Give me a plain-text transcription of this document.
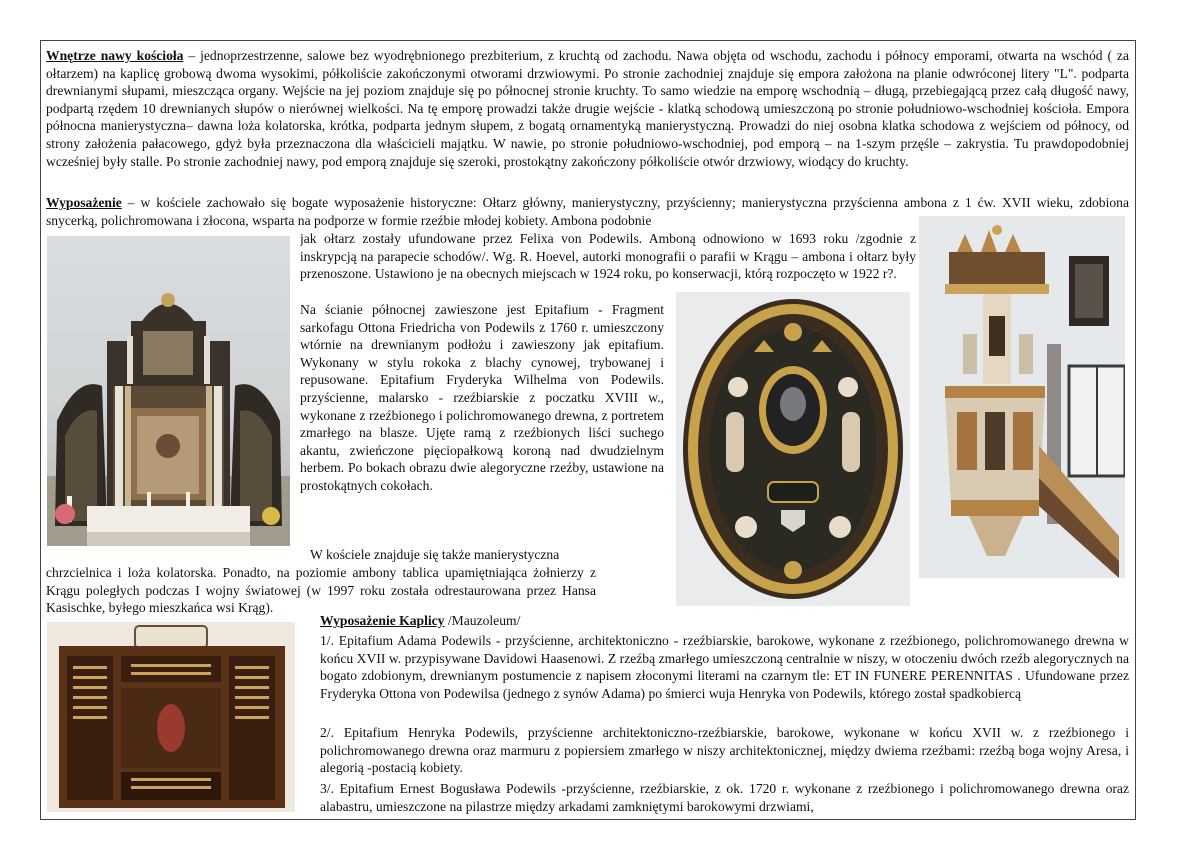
Wnętrze nawy kościoła – jednoprzestrzenne, salowe bez wyodrębnionego prezbiterium, z kruchtą od zachodu. Nawa objęta od wschodu, zachodu i północy emporami, otwarta na wschód ( za ołtarzem) na kaplicę grobową dwoma wysokimi, półkoliście zakończonymi otworami drzwiowymi. Po stronie zachodniej znajduje się empora założona na planie odwróconej litery "L". podparta drewnianymi słupami, mieszcząca organy. Wejście na jej poziom znajduje się po północnej stronie kruchty. To samo wiedzie na emporę wschodnią – długą, przebiegającą przez całą długość nawy, podpartą rzędem 10 drewnianych słupów o nierównej wielkości. Na tę emporę prowadzi także drugie wejście - klatką schodową umieszczoną po stronie południowo-wschodniej kościoła. Empora północna manierystyczna– dawna loża kolatorska, krótka, podparta jednym słupem, z bogatą ornamentyką manierystyczną. Prowadzi do niej osobna klatka schodowa z wejściem od północy, od strony założenia pałacowego, gdyż była przeznaczona dla właścicieli majątku. W nawie, po stronie południowo-wschodniej, pod emporą – na 1-szym przęśle – zakrystia. Tu prawdopodobniej wcześniej były stalle. Po stronie zachodniej nawy, pod emporą znajduje się szeroki, prostokątny zakończony półkoliście otwór drzwiowy, wiodący do kruchty.

Wyposażenie – w kościele zachowało się bogate wyposażenie historyczne: Ołtarz główny, manierystyczny, przyścienny; manierystyczna przyścienna ambona z 1 ćw. XVII wieku, zdobiona snycerką, polichromowana i złocona, wsparta na podporze w formie rzeźbie młodej kobiety. Ambona podobnie

jak ołtarz zostały ufundowane przez Felixa von Podewils. Amboną odnowiono w 1693 roku /zgodnie z inskrypcją na parapecie schodów/. Wg. R. Hoevel, autorki monografii o parafii w Krągu – ambona i ołtarz były przenoszone. Ustawiono je na obecnych miejscach w 1924 roku, po konserwacji, którą rozpoczęto w 1922 r?.

Na ścianie północnej zawieszone jest Epitafium - Fragment sarkofagu Ottona Friedricha von Podewils z 1760 r. umieszczony wtórnie na drewnianym podłożu i zawieszony jak epitafium. Wykonany w stylu rokoka z blachy cynowej, trybowanej i repusowane. Epitafium Fryderyka Wilhelma von Podewils. przyścienne, malarsko - rzeźbiarskie z poczatku XVIII w., wykonane z rzeźbionego i polichromowanego drewna, z portretem zmarłego na blasze. Ujęte ramą z rzeźbionych liści suchego akantu, zwieńczone pięciopałkową koroną nad dwudzielnym herbem. Po bokach obrazu dwie alegoryczne rzeźby, ustawione na prostokątnych cokołach.

W kościele znajduje się także manierystyczna

chrzcielnica i loża kolatorska. Ponadto, na poziomie ambony tablica upamiętniająca żołnierzy z Krągu poległych podczas I wojny światowej (w 1997 roku została odrestaurowana przez Hansa Kasischke, byłego mieszkańca wsi Krąg).

Wyposażenie Kaplicy /Mauzoleum/

1/. Epitafium Adama Podewils - przyścienne, architektoniczno - rzeźbiarskie, barokowe, wykonane z rzeźbionego, polichromowanego drewna w końcu XVII w. przypisywane Davidowi Haasenowi. Z rzeźbą zmarłego umieszczoną centralnie w niszy, w otoczeniu dwóch rzeźb alegorycznych na bogato zdobionym, drewnianym postumencie z napisem złoconymi literami na czarnym tle: ET IN FUNERE PERENNITAS . Ufundowane przez Fryderyka Ottona von Podewilsa (jednego z synów Adama) po śmierci wuja Henryka von Podewils, którego został spadkobiercą

2/. Epitafium Henryka Podewils, przyścienne architektoniczno-rzeźbiarskie, barokowe, wykonane w końcu XVII w. z rzeźbionego i polichromowanego drewna oraz marmuru z popiersiem zmarłego w niszy architektonicznej, między dwiema rzeźbami: rzeźbą boga wojny Aresa, i alegorią -postacią kobiety.

3/. Epitafium Ernest Bogusława Podewils -przyścienne, rzeźbiarskie, z ok. 1720 r. wykonane z rzeźbionego i polichromowanego drewna oraz alabastru, umieszczone na pilastrze między arkadami zamkniętymi barokowymi drzwiami,
